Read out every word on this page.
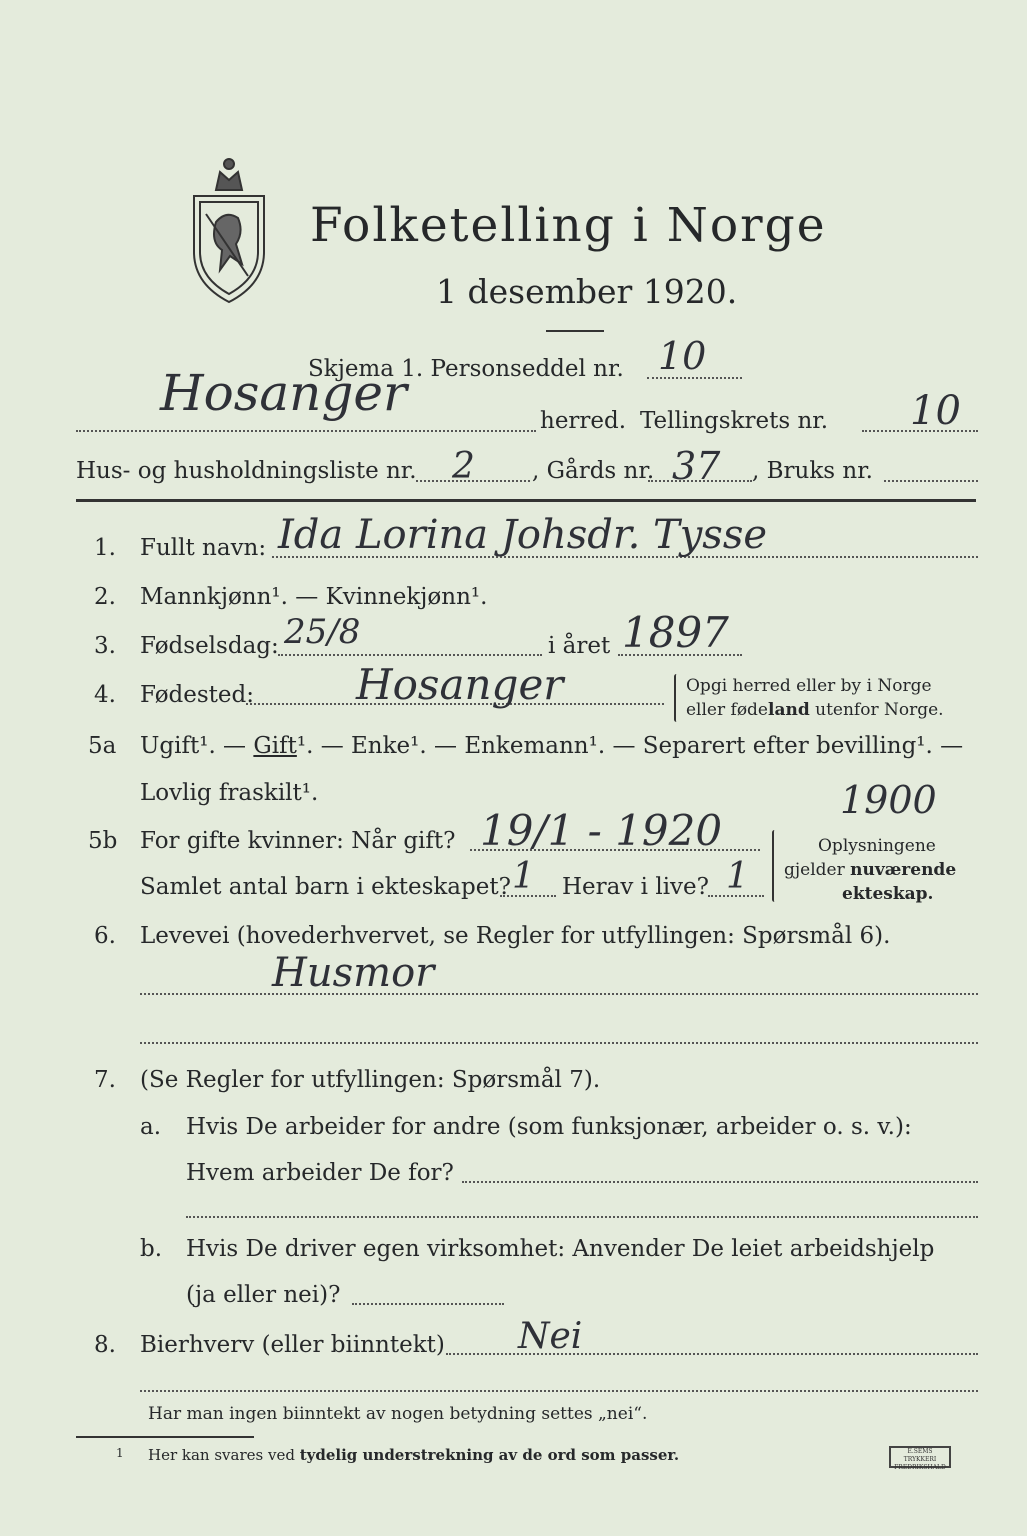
Folketelling i Norge
1 desember 1920.
Skjema 1. Personseddel nr. 10
Hosanger	herred. Tellingskrets nr. 10
Hus- og husholdningsliste nr. 2 , Gårds nr. 37 , Bruks nr.
1. Fullt navn: Ida Lorina Johsdr. Tysse
2. Mannkjønn¹. — Kvinnekjønn¹.
3. Fødselsdag: 25/8	i året 1897
4. Fødested: Hosanger	Opgi herred eller by i Norge
eller fødeland utenfor Norge.
5a Ugift¹. — Gift¹. — Enke¹. — Enkemann¹. — Separert efter bevilling¹. —
Lovlig fraskilt¹.
5b For gifte kvinner: Når gift? 19/1 - 1920
1900
Samlet antal barn i ekteskapet? 1 Herav i live? 1
Oplysningene
gjelder nuværende
ekteskap.
6. Levevei (hovederhvervet, se Regler for utfyllingen: Spørsmål 6).
Husmor
7. (Se Regler for utfyllingen: Spørsmål 7).
a. Hvis De arbeider for andre (som funksjonær, arbeider o. s. v.):
Hvem arbeider De for?
b. Hvis De driver egen virksomhet: Anvender De leiet arbeidshjelp
(ja eller nei)?
8. Bierhverv (eller biinntekt) Nei
Har man ingen biinntekt av nogen betydning settes „nei“.
1 Her kan svares ved tydelig understrekning av de ord som passer.	E.SEMS TRYKKERI FREDRIKSHALD
